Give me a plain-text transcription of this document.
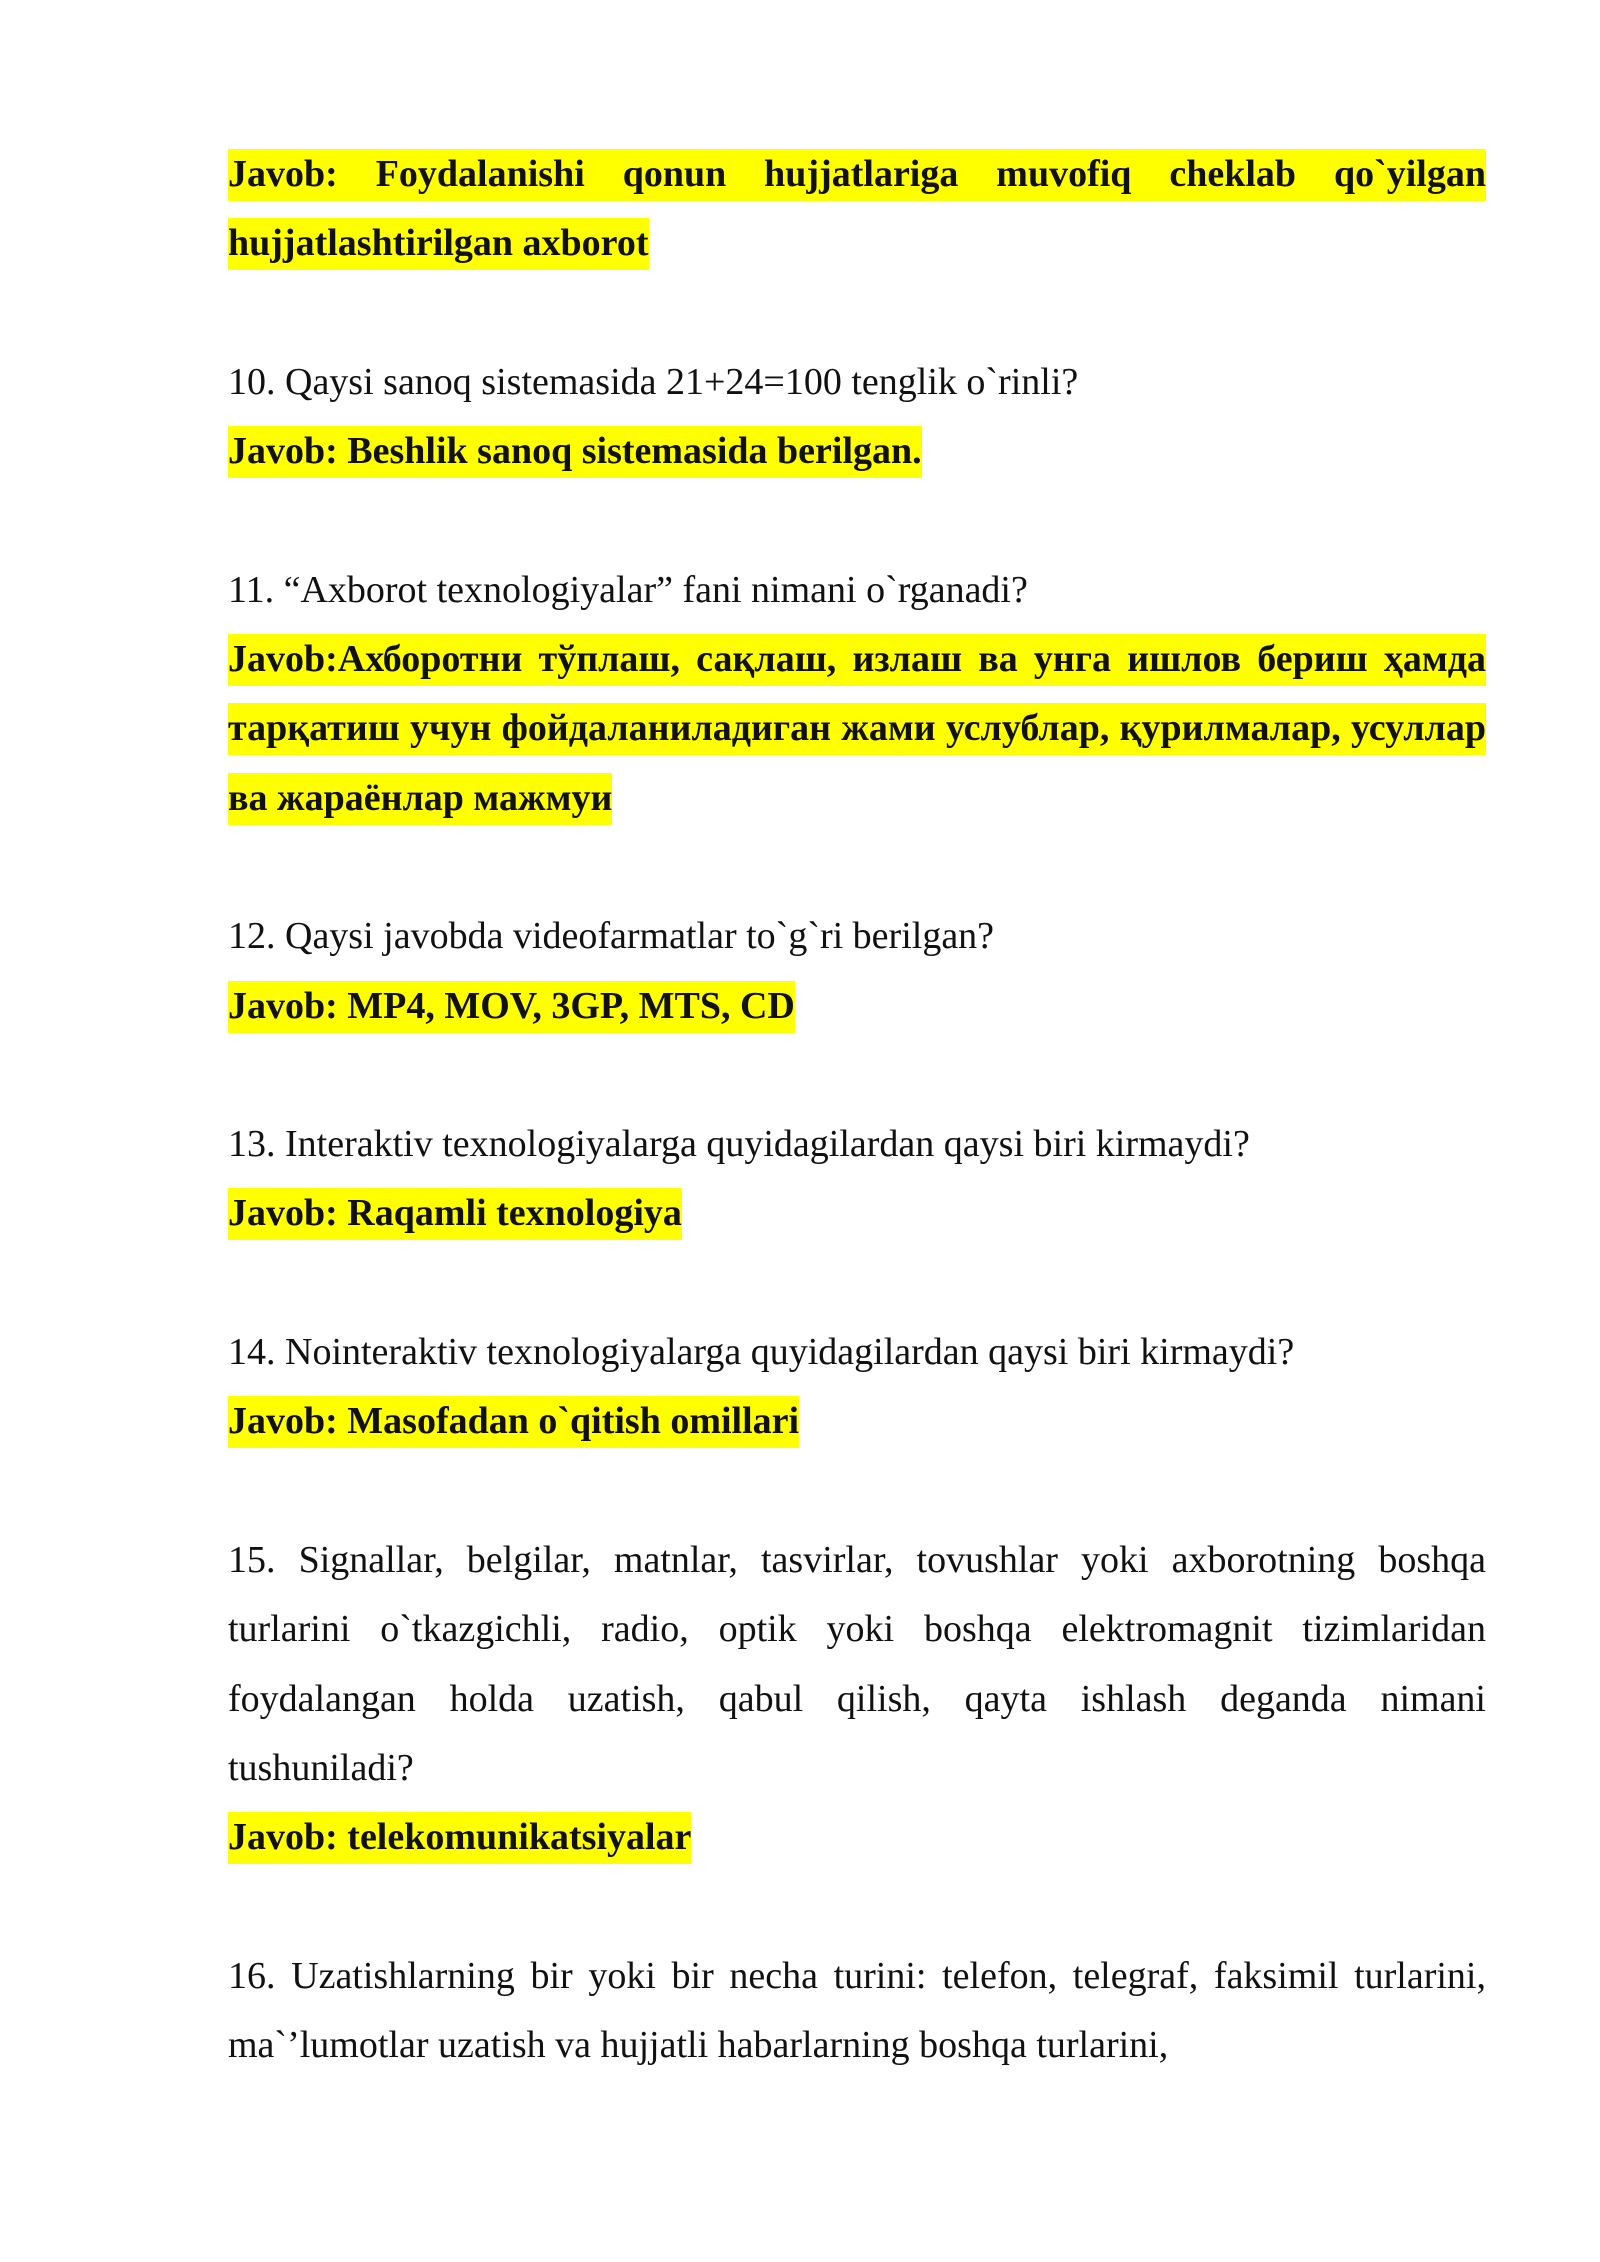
Javob: Foydalanishi qonun hujjatlariga muvofiq cheklab qo`yilgan hujjatlashtirilgan axborot

10. Qaysi sanoq sistemasida 21+24=100 tenglik o`rinli?

Javob: Beshlik sanoq sistemasida berilgan.

11. “Axborot texnologiyalar” fani nimani o`rganadi?

Javob:Ахборотни тўплаш, сақлаш, излаш ва унга ишлов бериш ҳамда тарқатиш учун фойдаланиладиган жами услублар, қурилмалар, усуллар ва жараёнлар мажмуи

12. Qaysi javobda videofarmatlar to`g`ri berilgan?

Javob: MP4, MOV, 3GP, MTS, CD

13. Interaktiv texnologiyalarga quyidagilardan qaysi biri kirmaydi?

Javob: Raqamli texnologiya

14. Nointeraktiv texnologiyalarga quyidagilardan qaysi biri kirmaydi?

Javob: Masofadan o`qitish omillari

15. Signallar, belgilar, matnlar, tasvirlar, tovushlar yoki axborotning boshqa turlarini o`tkazgichli, radio, optik yoki boshqa elektromagnit tizimlaridan foydalangan holda uzatish, qabul qilish, qayta ishlash deganda nimani tushuniladi?

Javob: telekomunikatsiyalar

16. Uzatishlarning bir yoki bir necha turini: telefon, telegraf, faksimil turlarini, ma`’lumotlar uzatish va hujjatli habarlarning boshqa turlarini,
